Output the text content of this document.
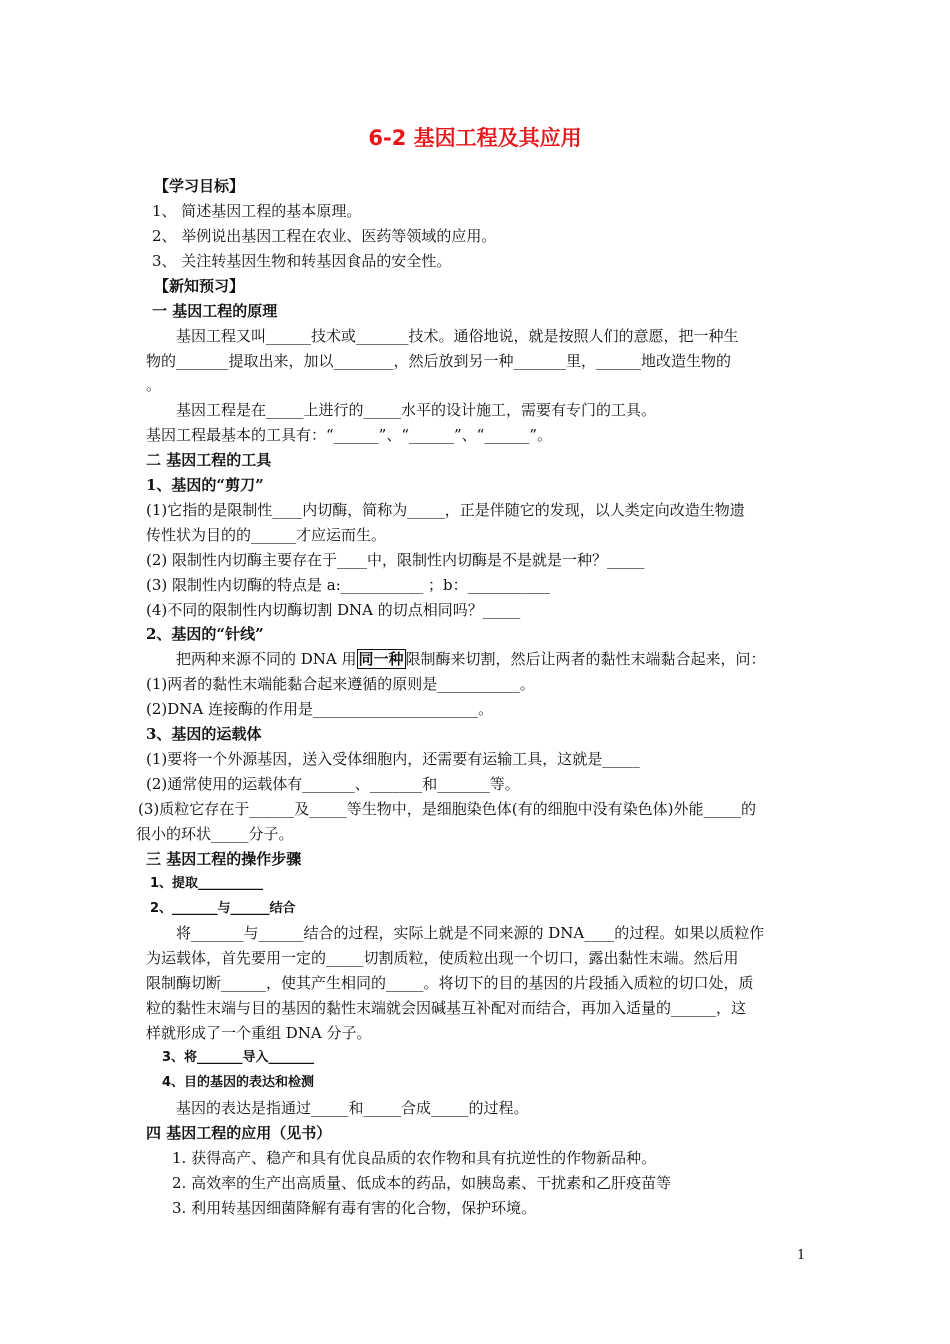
6-2 基因工程及其应用
【学习目标】
1、 简述基因工程的基本原理。
2、 举例说出基因工程在农业、医药等领域的应用。
3、 关注转基因生物和转基因食品的安全性。
【新知预习】
一 基因工程的原理
基因工程又叫______技术或_______技术。通俗地说，就是按照人们的意愿，把一种生
物的_______提取出来，加以________，然后放到另一种_______里，______地改造生物的
。
基因工程是在_____上进行的_____水平的设计施工，需要有专门的工具。
基因工程最基本的工具有：“______”、“______”、“______”。
二 基因工程的工具
1、基因的“剪刀”
(1)它指的是限制性____内切酶，简称为_____，正是伴随它的发现，以人类定向改造生物遗
传性状为目的的______才应运而生。
(2) 限制性内切酶主要存在于____中，限制性内切酶是不是就是一种？_____
(3) 限制性内切酶的特点是 a:___________ ；b：___________
(4)不同的限制性内切酶切割 DNA 的切点相同吗？_____
2、基因的“针线”
把两种来源不同的 DNA 用 同一种 限制酶来切割，然后让两者的黏性末端黏合起来，问：
(1)两者的黏性末端能黏合起来遵循的原则是___________。
(2)DNA 连接酶的作用是______________________。
3、基因的运载体
(1)要将一个外源基因，送入受体细胞内，还需要有运输工具，这就是_____
(2)通常使用的运载体有_______、_______和_______等。
(3)质粒它存在于______及_____等生物中，是细胞染色体(有的细胞中没有染色体)外能_____的
很小的环状_____分子。
三 基因工程的操作步骤
1、提取__________
2、_______与______结合
将_______与______结合的过程，实际上就是不同来源的 DNA____的过程。如果以质粒作
为运载体，首先要用一定的_____切割质粒，使质粒出现一个切口，露出黏性末端。然后用
限制酶切断______，使其产生相同的_____。将切下的目的基因的片段插入质粒的切口处，质
粒的黏性末端与目的基因的黏性末端就会因碱基互补配对而结合，再加入适量的______，这
样就形成了一个重组 DNA 分子。
3、将_______导入_______
4、目的基因的表达和检测
基因的表达是指通过_____和_____合成_____的过程。
四 基因工程的应用（见书）
1. 获得高产、稳产和具有优良品质的农作物和具有抗逆性的作物新品种。
2. 高效率的生产出高质量、低成本的药品，如胰岛素、干扰素和乙肝疫苗等
3. 利用转基因细菌降解有毒有害的化合物，保护环境。
1
